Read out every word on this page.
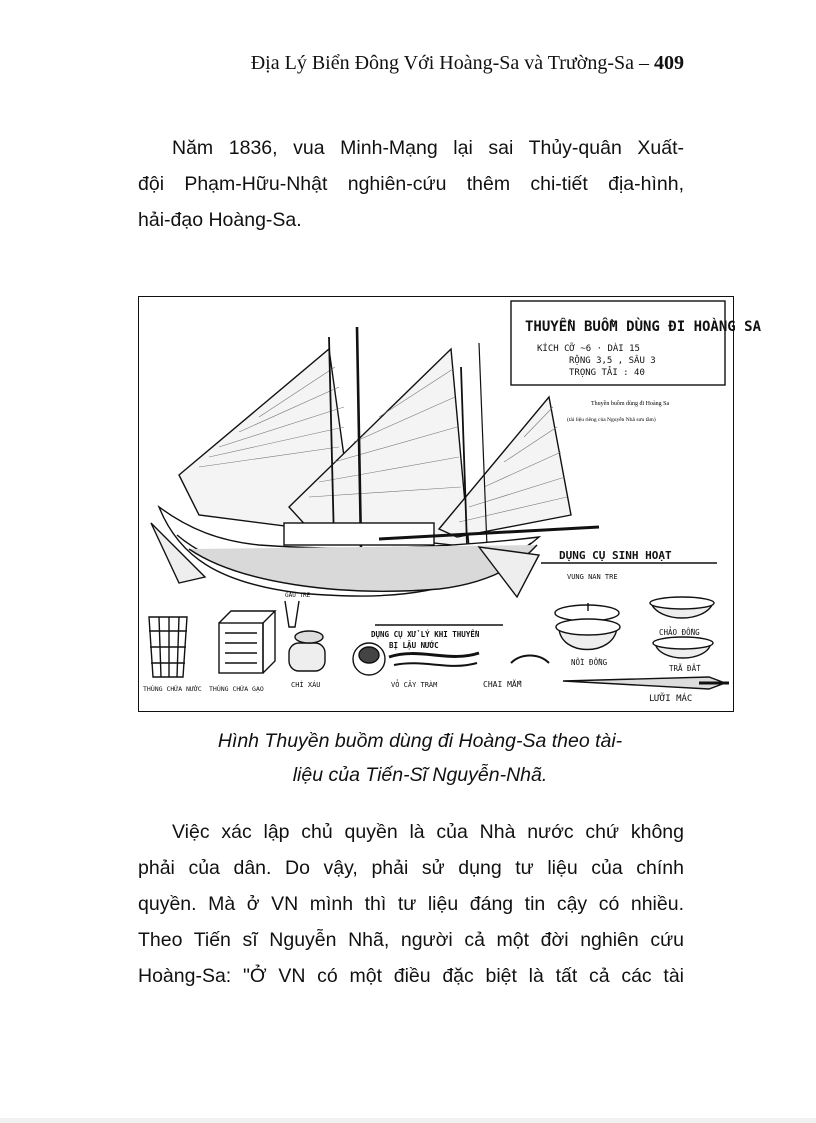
Địa Lý Biển Đông Với Hoàng-Sa và Trường-Sa – 409
Năm 1836, vua Minh-Mạng lại sai Thủy-quân Xuất-
đội Phạm-Hữu-Nhật nghiên-cứu thêm chi-tiết địa-hình,
hải-đạo Hoàng-Sa.
THUYỀN BUỒM DÙNG ĐI HOÀNG SA
KÍCH CỠ ~6 · DÀI 15
RỘNG 3,5 , SÂU 3
TRỌNG TẢI : 40
Thuyền buồm dùng đi Hoàng Sa
(tài liệu riêng của Nguyễn Nhã sưu tầm)
DỤNG CỤ SINH HOẠT
DỤNG CỤ XỬ LÝ KHI THUYỀN
BỊ LẬU NƯỚC
VUNG NAN TRE
NỒI ĐỒNG
CHẢO ĐỒNG
TRÃ ĐẤT
LƯỠI MÁC
THÙNG CHỨA NƯỚC THÙNG CHỨA GẠO
GÀU TRE
CHÌ XÁU	VỎ CÂY TRÀM	CHAI MẮM
Hình Thuyền buồm dùng đi Hoàng-Sa theo tài-
liệu của Tiến-Sĩ Nguyễn-Nhã.
Việc xác lập chủ quyền là của Nhà nước chứ không
phải của dân. Do vậy, phải sử dụng tư liệu của chính
quyền. Mà ở VN mình thì tư liệu đáng tin cậy có nhiều.
Theo Tiến sĩ Nguyễn Nhã, người cả một đời nghiên cứu
Hoàng-Sa: "Ở VN có một điều đặc biệt là tất cả các tài
